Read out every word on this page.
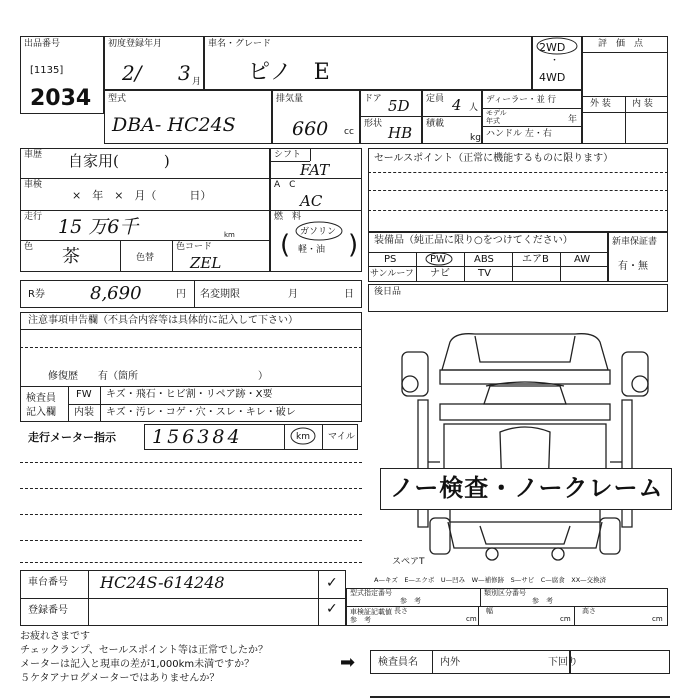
出品番号
[1135]
2034
初度登録年月
2/ 3 月
車名・グレード
ピノ　E
2WD
・
4WD
評　価　点
外 装 内 装
型式
DBA- HC24S
排気量
660 cc
ドア 5D
形状 HB
定員 4 人
積載
kg
ディーラー・並 行
モデル
年式	年
ハンドル 左・右
車歴 自家用(　　　)
車検
×　年　×　月（　　　日）
走行 15 万6千	km
色 茶	色替
色コード
ZEL
シフト
FAT
A　C
AC
燃　料
ガソリン
軽・油
( )
セールスポイント（正常に機能するものに限ります）
装備品（純正品に限り○をつけてください）
PS	PW	ABS	エアB	AW
サンルーフ ナビ	TV
新車保証書
有・無
R券	8,690	円 名変期限	月	日 後日品
注意事項申告欄（不具合内容等は具体的に記入して下さい）
修復歴　　有（箇所　　　　　　　　　　　　）
検査員
記入欄
FW キズ・飛石・ヒビ割・リペア跡・X要
内装 キズ・汚レ・コゲ・穴・スレ・キレ・破レ
走行メーター指示 156384	km マイル
ノー検査・ノークレーム
スペアT
A—キズ　E—エクボ　U—凹み　W—補修跡　S—サビ　C—腐食　XX—交換済
車台番号 HC24S-614248	✓
登録番号	✓
型式指定番号
参　考
類別区分番号
参　考
車検証記載値
参　考
長さ
cm
幅
cm
高さ
cm
お疲れさまです
チェックランプ、セールスポイント等は正常でしたか？
メーターは記入と現車の差が1,000km未満ですか？
５ケタアナログメーターではありませんか？
➡ 検査員名 内外	下回り
